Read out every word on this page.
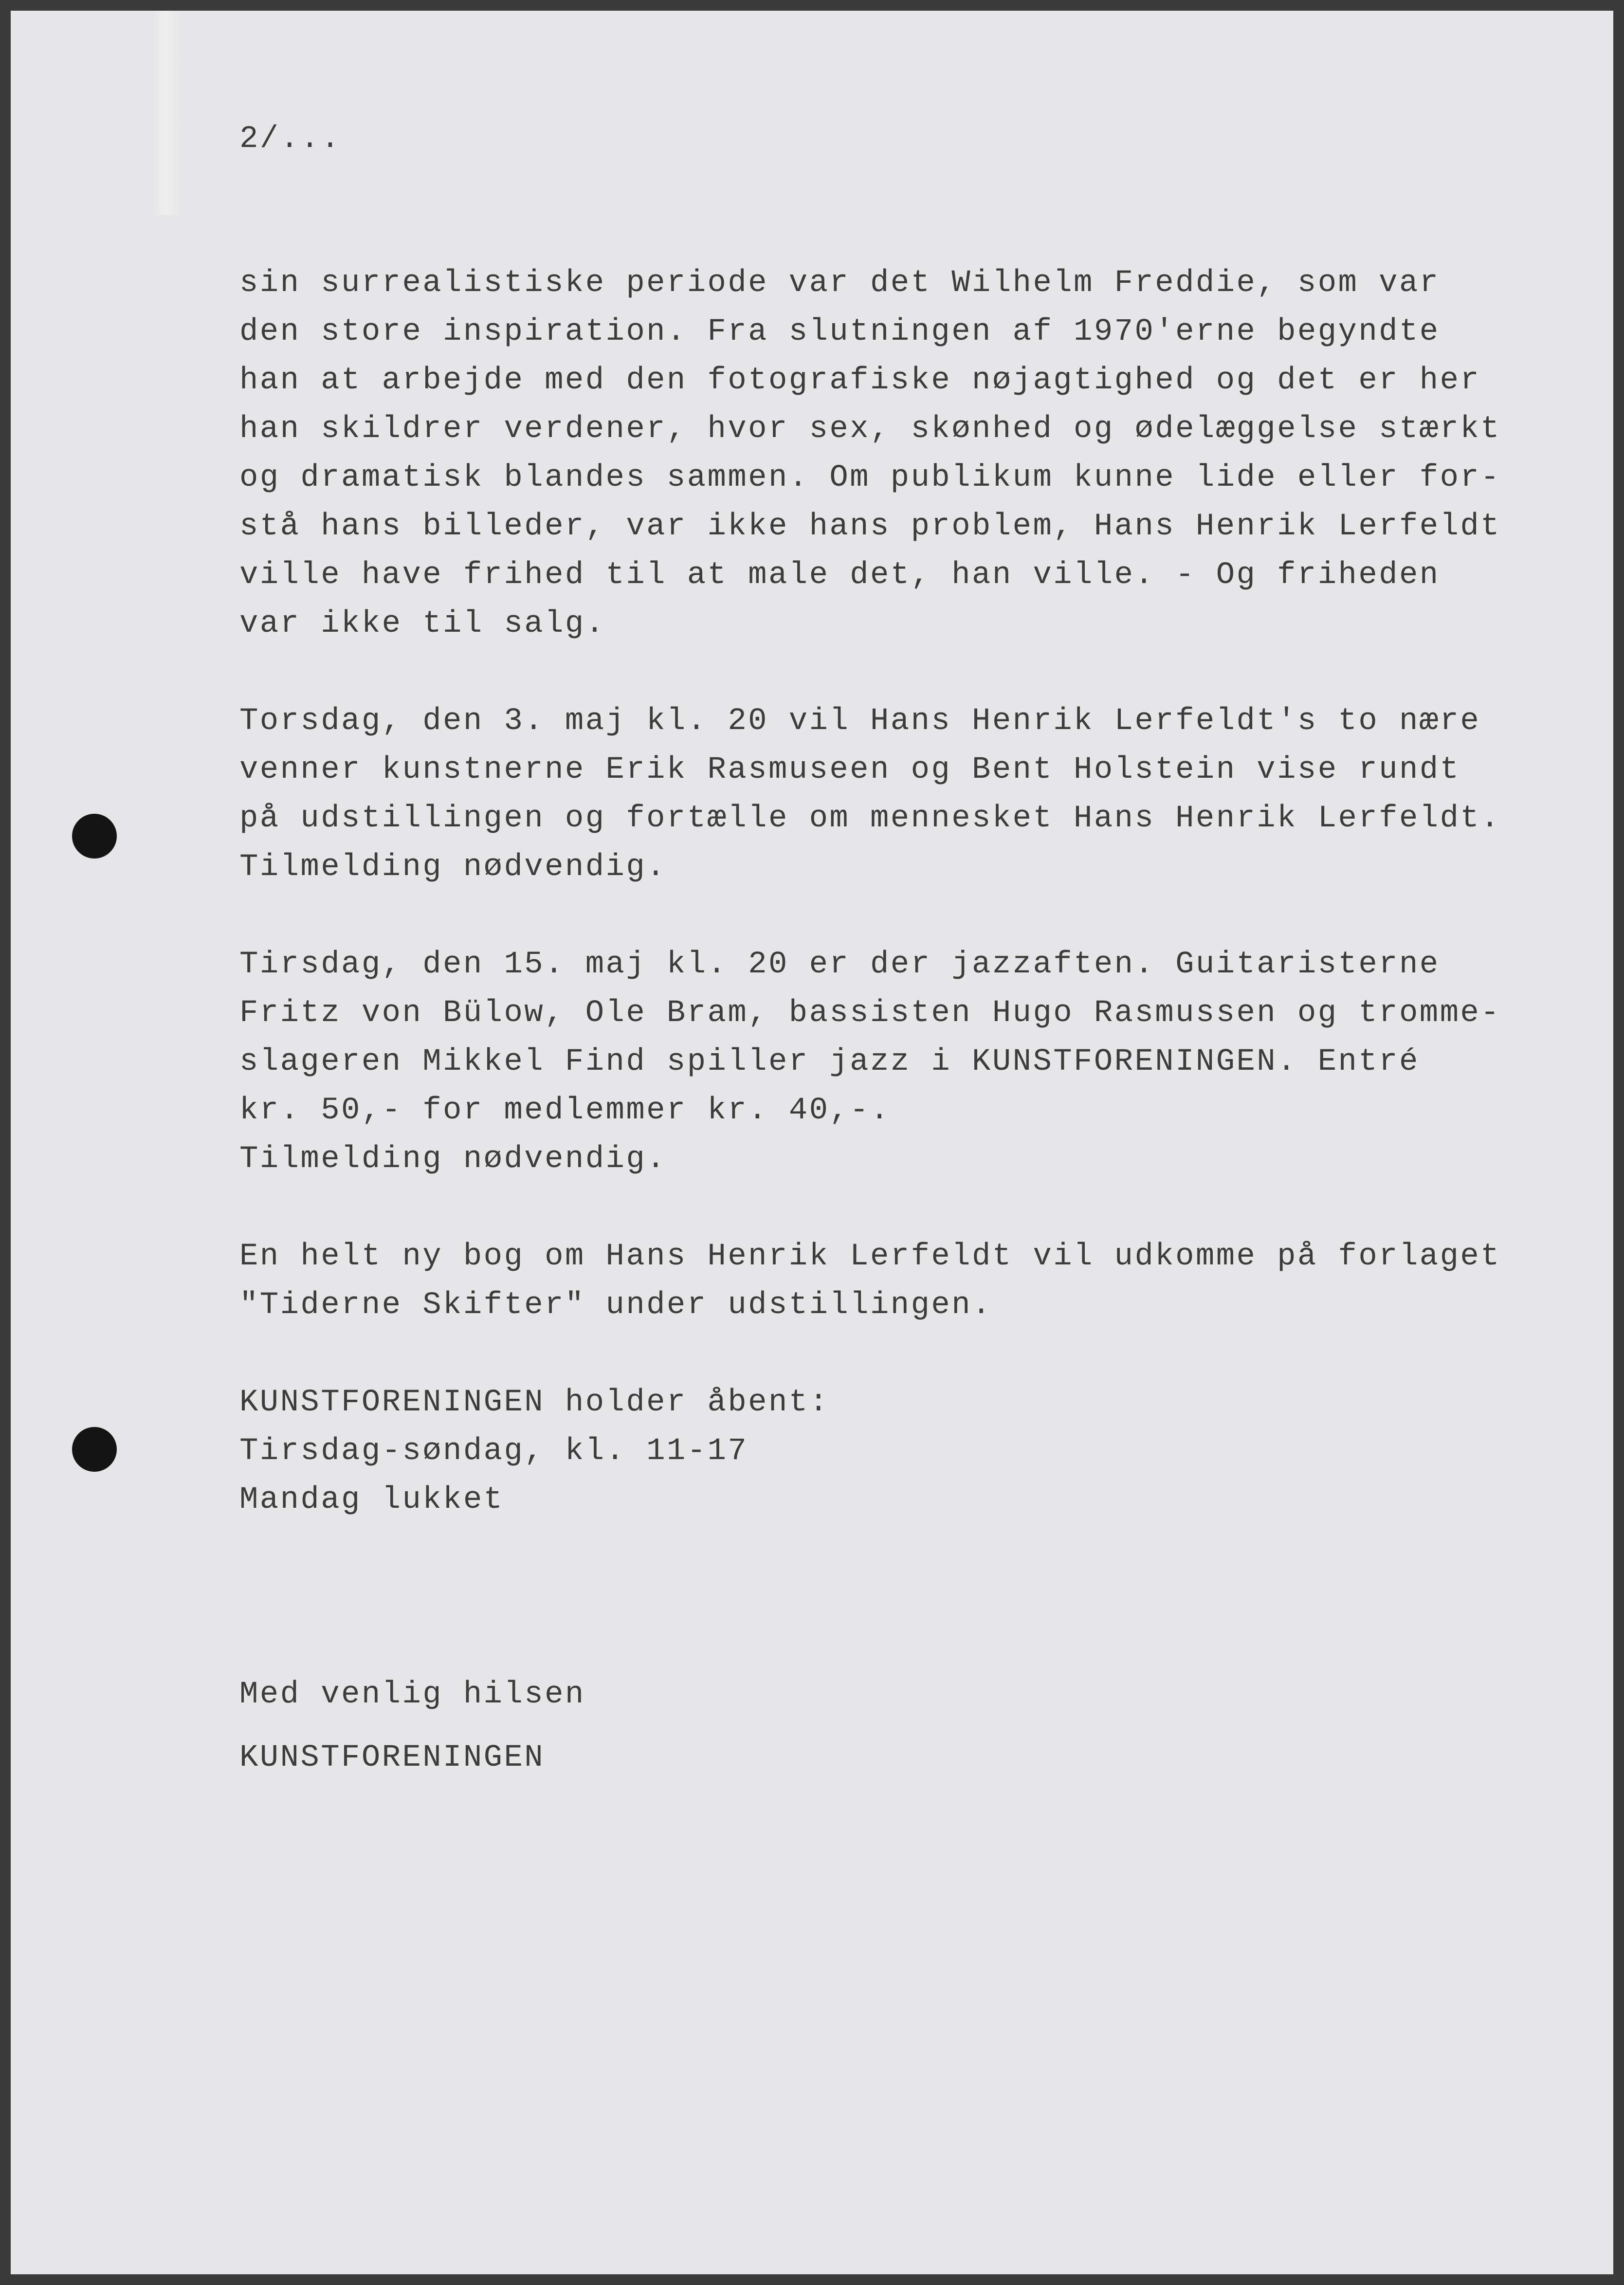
2/...

sin surrealistiske periode var det Wilhelm Freddie, som var

den store inspiration. Fra slutningen af 1970'erne begyndte

han at arbejde med den fotografiske nøjagtighed og det er her

han skildrer verdener, hvor sex, skønhed og ødelæggelse stærkt

og dramatisk blandes sammen. Om publikum kunne lide eller for-

stå hans billeder, var ikke hans problem, Hans Henrik Lerfeldt

ville have frihed til at male det, han ville. - Og friheden

var ikke til salg.

Torsdag, den 3. maj kl. 20 vil Hans Henrik Lerfeldt's to nære

venner kunstnerne Erik Rasmuseen og Bent Holstein vise rundt

på udstillingen og fortælle om mennesket Hans Henrik Lerfeldt.

Tilmelding nødvendig.

Tirsdag, den 15. maj kl. 20 er der jazzaften. Guitaristerne

Fritz von Bülow, Ole Bram, bassisten Hugo Rasmussen og tromme-

slageren Mikkel Find spiller jazz i KUNSTFORENINGEN. Entré

kr. 50,- for medlemmer kr. 40,-.

Tilmelding nødvendig.

En helt ny bog om Hans Henrik Lerfeldt vil udkomme på forlaget

"Tiderne Skifter" under udstillingen.

KUNSTFORENINGEN holder åbent:

Tirsdag-søndag, kl. 11-17

Mandag lukket

Med venlig hilsen

KUNSTFORENINGEN
